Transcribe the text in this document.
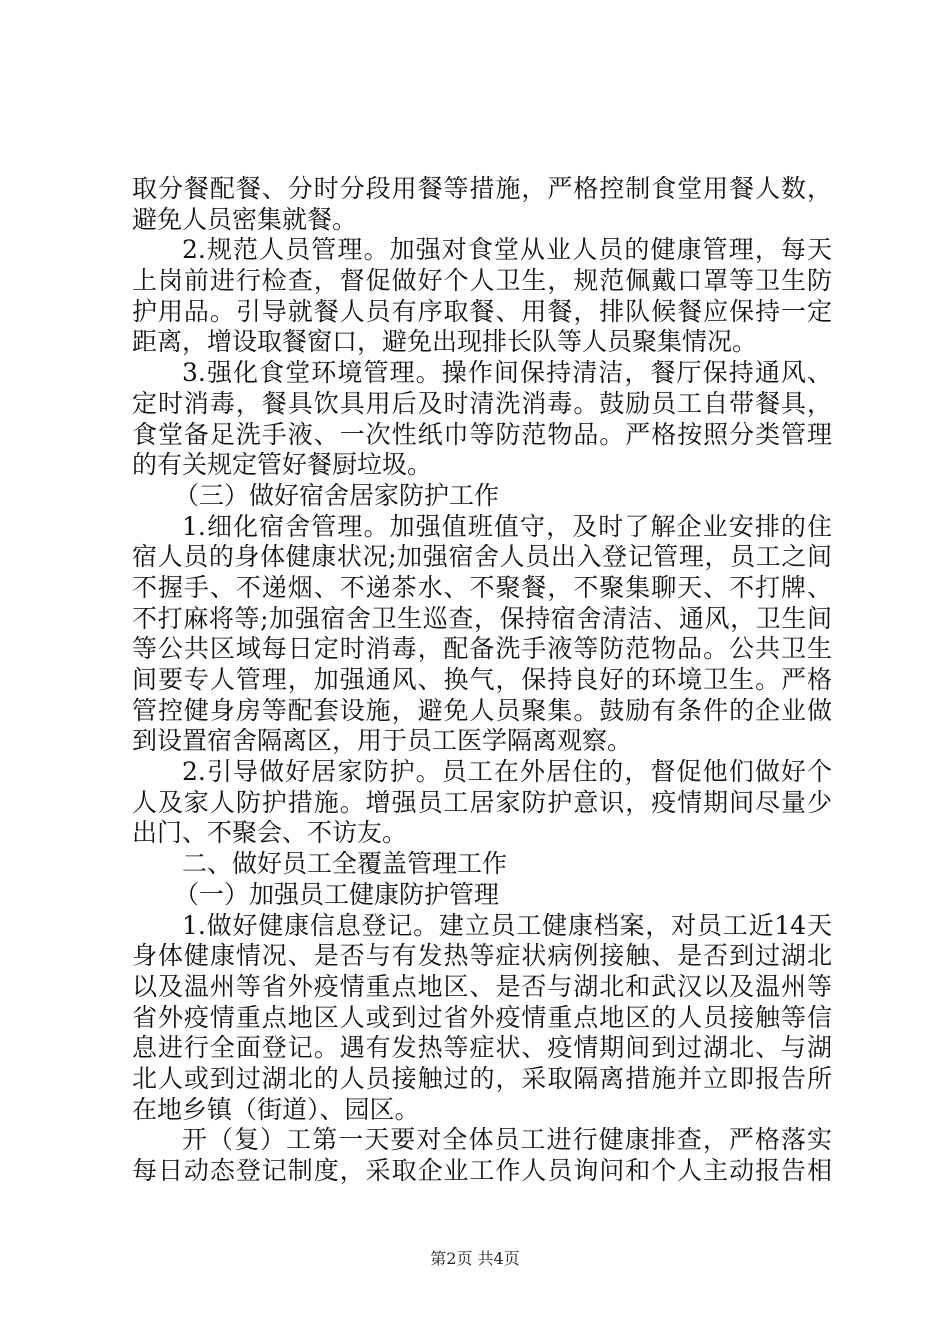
取分餐配餐、分时分段用餐等措施，严格控制食堂用餐人数，
避免人员密集就餐。
2.规范人员管理。加强对食堂从业人员的健康管理，每天
上岗前进行检查，督促做好个人卫生，规范佩戴口罩等卫生防
护用品。引导就餐人员有序取餐、用餐，排队候餐应保持一定
距离，增设取餐窗口，避免出现排长队等人员聚集情况。
3.强化食堂环境管理。操作间保持清洁，餐厅保持通风、
定时消毒，餐具饮具用后及时清洗消毒。鼓励员工自带餐具，
食堂备足洗手液、一次性纸巾等防范物品。严格按照分类管理
的有关规定管好餐厨垃圾。
（三）做好宿舍居家防护工作
1.细化宿舍管理。加强值班值守，及时了解企业安排的住
宿人员的身体健康状况;加强宿舍人员出入登记管理，员工之间
不握手、不递烟、不递茶水、不聚餐，不聚集聊天、不打牌、
不打麻将等;加强宿舍卫生巡查，保持宿舍清洁、通风，卫生间
等公共区域每日定时消毒，配备洗手液等防范物品。公共卫生
间要专人管理，加强通风、换气，保持良好的环境卫生。严格
管控健身房等配套设施，避免人员聚集。鼓励有条件的企业做
到设置宿舍隔离区，用于员工医学隔离观察。
2.引导做好居家防护。员工在外居住的，督促他们做好个
人及家人防护措施。增强员工居家防护意识，疫情期间尽量少
出门、不聚会、不访友。
二、做好员工全覆盖管理工作
（一）加强员工健康防护管理
1.做好健康信息登记。建立员工健康档案，对员工近14天
身体健康情况、是否与有发热等症状病例接触、是否到过湖北
以及温州等省外疫情重点地区、是否与湖北和武汉以及温州等
省外疫情重点地区人或到过省外疫情重点地区的人员接触等信
息进行全面登记。遇有发热等症状、疫情期间到过湖北、与湖
北人或到过湖北的人员接触过的，采取隔离措施并立即报告所
在地乡镇（街道）、园区。
开（复）工第一天要对全体员工进行健康排查，严格落实
每日动态登记制度，采取企业工作人员询问和个人主动报告相
第2页 共4页
